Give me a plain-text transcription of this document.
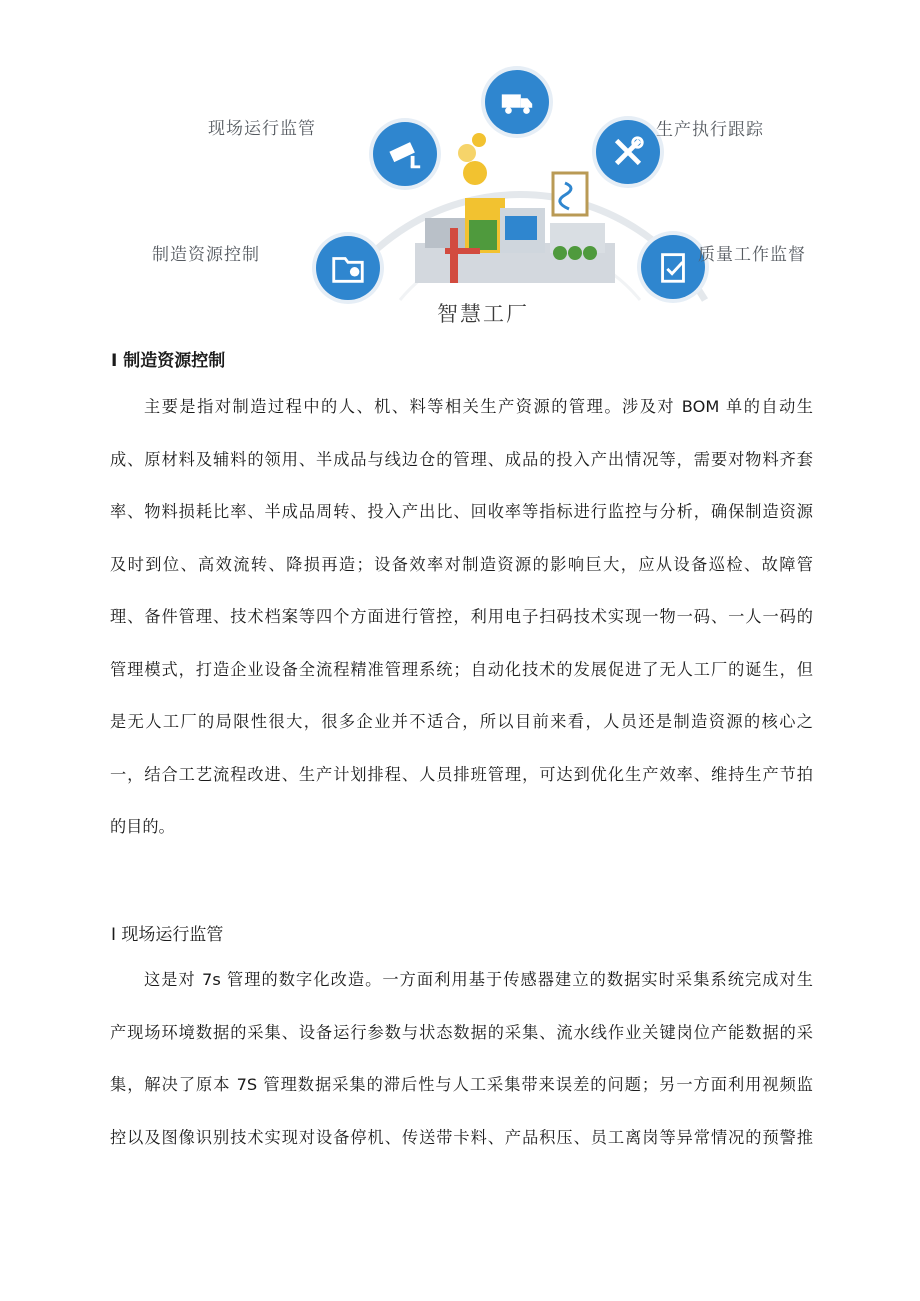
现场运行监管	生产执行跟踪
制造资源控制	质量工作监督
智慧工厂
I 制造资源控制
主要是指对制造过程中的人、机、料等相关生产资源的管理。涉及对 BOM 单的自动生
成、原材料及辅料的领用、半成品与线边仓的管理、成品的投入产出情况等，需要对物料齐套
率、物料损耗比率、半成品周转、投入产出比、回收率等指标进行监控与分析，确保制造资源
及时到位、高效流转、降损再造；设备效率对制造资源的影响巨大，应从设备巡检、故障管
理、备件管理、技术档案等四个方面进行管控，利用电子扫码技术实现一物一码、一人一码的
管理模式，打造企业设备全流程精准管理系统；自动化技术的发展促进了无人工厂的诞生，但
是无人工厂的局限性很大，很多企业并不适合，所以目前来看，人员还是制造资源的核心之
一，结合工艺流程改进、生产计划排程、人员排班管理，可达到优化生产效率、维持生产节拍
的目的。
I 现场运行监管
这是对 7s 管理的数字化改造。一方面利用基于传感器建立的数据实时采集系统完成对生
产现场环境数据的采集、设备运行参数与状态数据的采集、流水线作业关键岗位产能数据的采
集，解决了原本 7S 管理数据采集的滞后性与人工采集带来误差的问题；另一方面利用视频监
控以及图像识别技术实现对设备停机、传送带卡料、产品积压、员工离岗等异常情况的预警推
